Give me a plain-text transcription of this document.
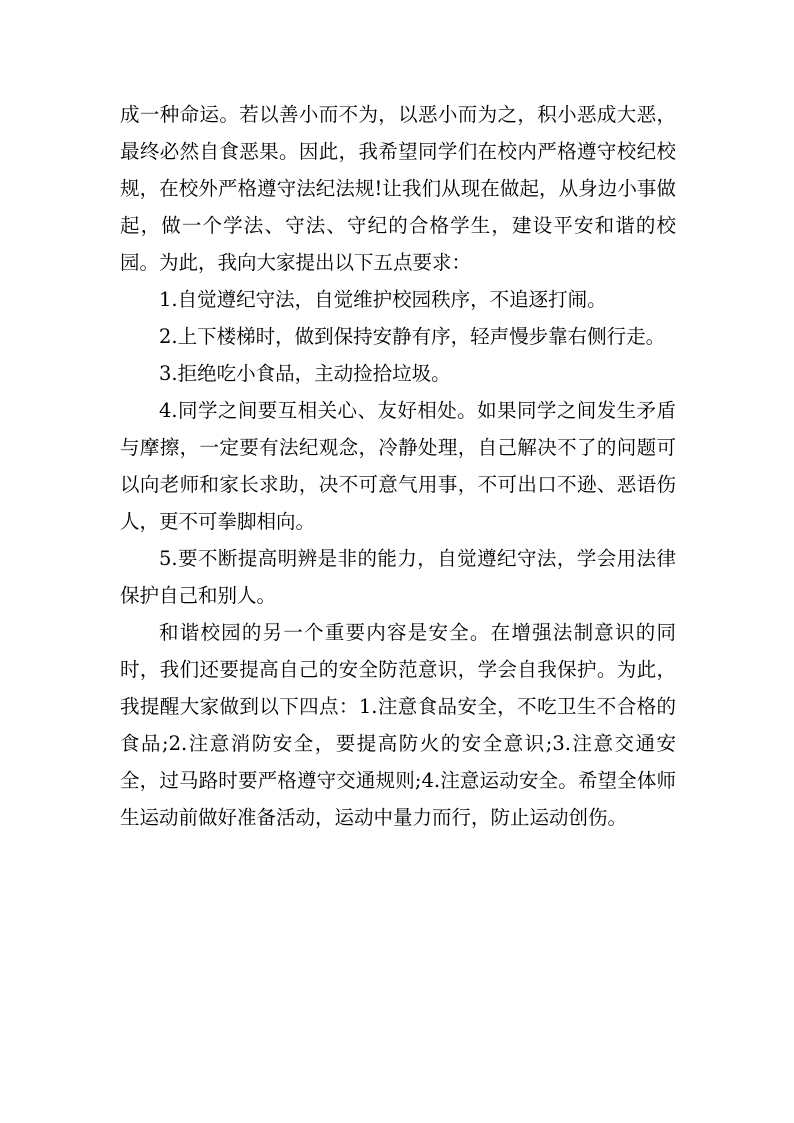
成一种命运。若以善小而不为，以恶小而为之，积小恶成大恶，最终必然自食恶果。因此，我希望同学们在校内严格遵守校纪校规，在校外严格遵守法纪法规!让我们从现在做起，从身边小事做起，做一个学法、守法、守纪的合格学生，建设平安和谐的校园。为此，我向大家提出以下五点要求：

1.自觉遵纪守法，自觉维护校园秩序，不追逐打闹。

2.上下楼梯时，做到保持安静有序，轻声慢步靠右侧行走。

3.拒绝吃小食品，主动捡拾垃圾。

4.同学之间要互相关心、友好相处。如果同学之间发生矛盾与摩擦，一定要有法纪观念，冷静处理，自己解决不了的问题可以向老师和家长求助，决不可意气用事，不可出口不逊、恶语伤人，更不可拳脚相向。

5.要不断提高明辨是非的能力，自觉遵纪守法，学会用法律保护自己和别人。

和谐校园的另一个重要内容是安全。在增强法制意识的同时，我们还要提高自己的安全防范意识，学会自我保护。为此，我提醒大家做到以下四点：1.注意食品安全，不吃卫生不合格的食品;2.注意消防安全，要提高防火的安全意识;3.注意交通安全，过马路时要严格遵守交通规则;4.注意运动安全。希望全体师生运动前做好准备活动，运动中量力而行，防止运动创伤。
